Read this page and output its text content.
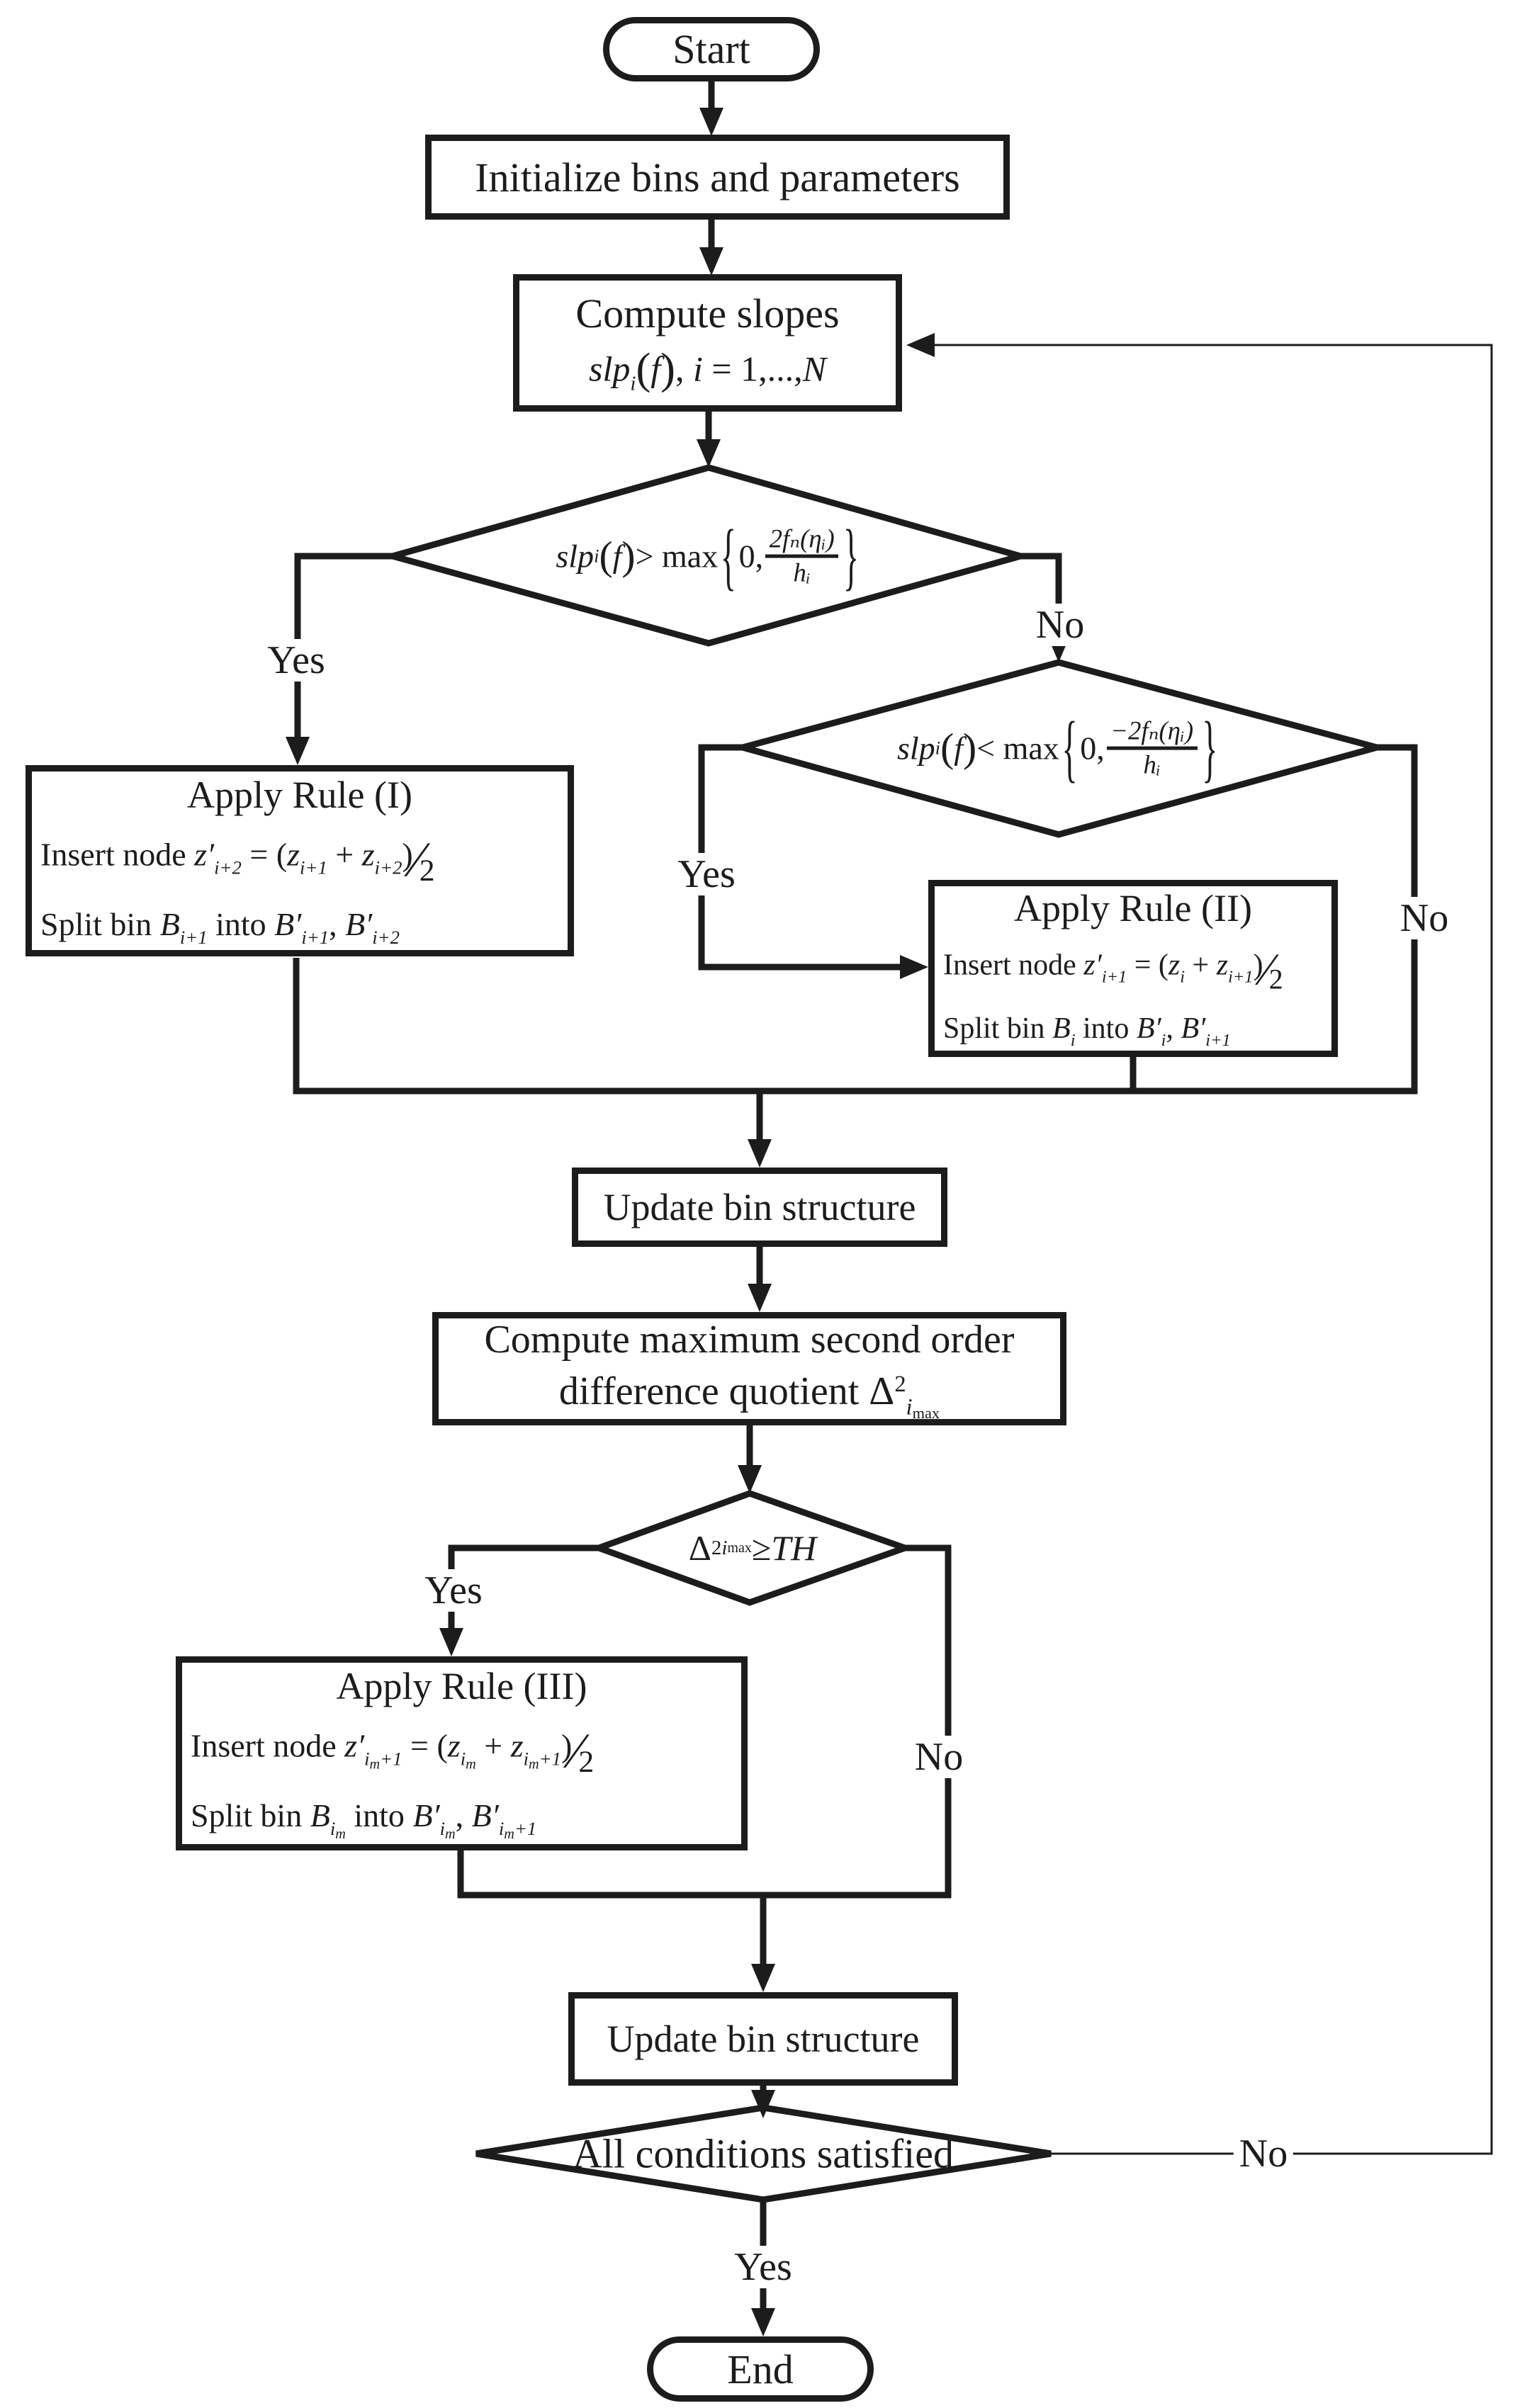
Start
Initialize bins and parameters
Compute slopes
slp$_i$(f), i = 1,...,N
slp i ( f ) > max { 0, $\frac{\text{2fₙ(ηᵢ)}}{\text{hᵢ}}$ }
Apply Rule (I)
Insert node $z'_{i+2} = (z_{i+1}$ + $z_{i+2})∕2$
Split bin $B_{i+1}$ into $B'_{i+1}$, $B'_{i+2}$
slp i ( f ) < max { 0, $\frac{\text{−2fₙ(ηᵢ)}}{\text{hᵢ}}$ }
Apply Rule (II)
Insert node $z'_{i+1} = (z_i$ + $z_{i+1})∕2$
Split bin $B_i$ into $B'_i$, $B'_{i+1}$
Update bin structure
Compute maximum second order
difference quotient $\Delta^2_{imax}$
Δ 2 i max ≥ TH
Apply Rule (III)
Insert node $z'_{im+1} = (z_{im}$ + $z_{im+1})∕2$
Split bin $B_{im}$ into $B'_{im}$, $B'_{im+1}$
Update bin structure
All conditions satisfied
End
Yes
No
Yes
No
Yes
No
Yes
No
